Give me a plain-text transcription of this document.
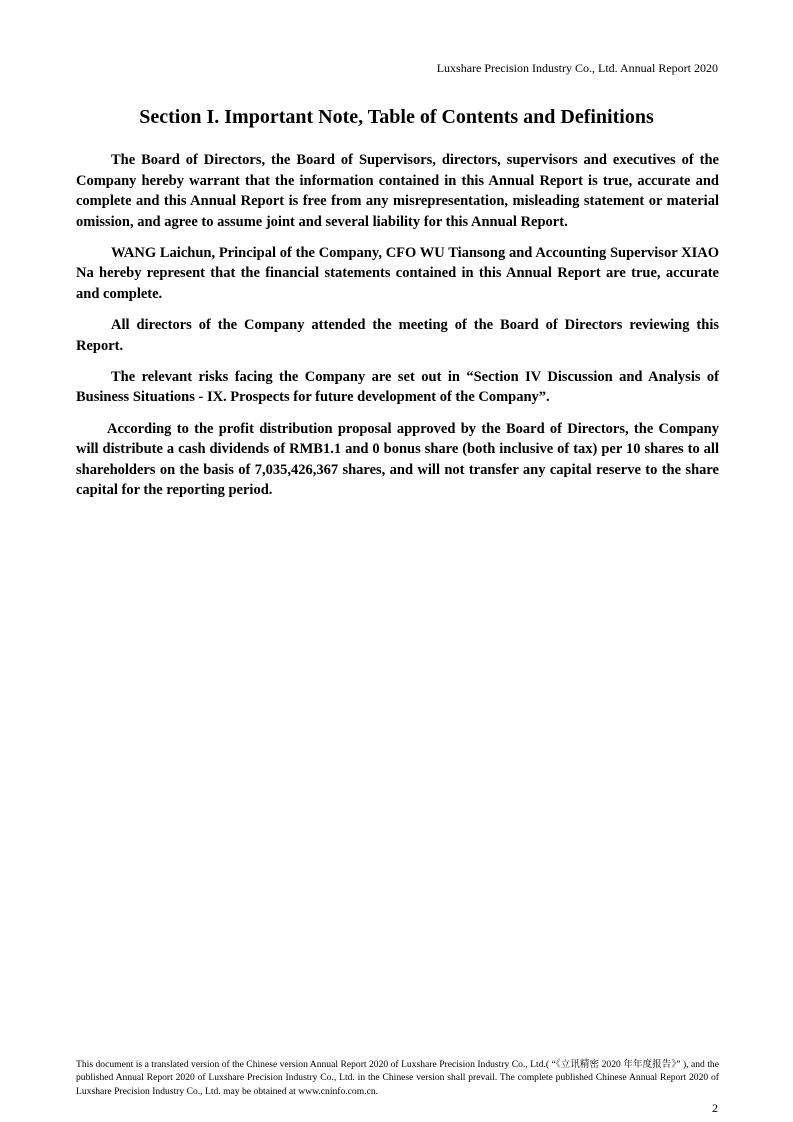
Luxshare Precision Industry Co., Ltd. Annual Report 2020
Section I. Important Note, Table of Contents and Definitions

The Board of Directors, the Board of Supervisors, directors, supervisors and executives of the Company hereby warrant that the information contained in this Annual Report is true, accurate and complete and this Annual Report is free from any misrepresentation, misleading statement or material omission, and agree to assume joint and several liability for this Annual Report.

WANG Laichun, Principal of the Company, CFO WU Tiansong and Accounting Supervisor XIAO Na hereby represent that the financial statements contained in this Annual Report are true, accurate and complete.

All directors of the Company attended the meeting of the Board of Directors reviewing this Report.

The relevant risks facing the Company are set out in “Section IV Discussion and Analysis of Business Situations - IX. Prospects for future development of the Company”.

According to the profit distribution proposal approved by the Board of Directors, the Company will distribute a cash dividends of RMB1.1 and 0 bonus share (both inclusive of tax) per 10 shares to all shareholders on the basis of 7,035,426,367 shares, and will not transfer any capital reserve to the share capital for the reporting period.

This document is a translated version of the Chinese version Annual Report 2020 of Luxshare Precision Industry Co., Ltd.( “《立讯精密 2020 年年度报告》” ), and the published Annual Report 2020 of Luxshare Precision Industry Co., Ltd. in the Chinese version shall prevail. The complete published Chinese Annual Report 2020 of Luxshare Precision Industry Co., Ltd. may be obtained at www.cninfo.com.cn.
2
